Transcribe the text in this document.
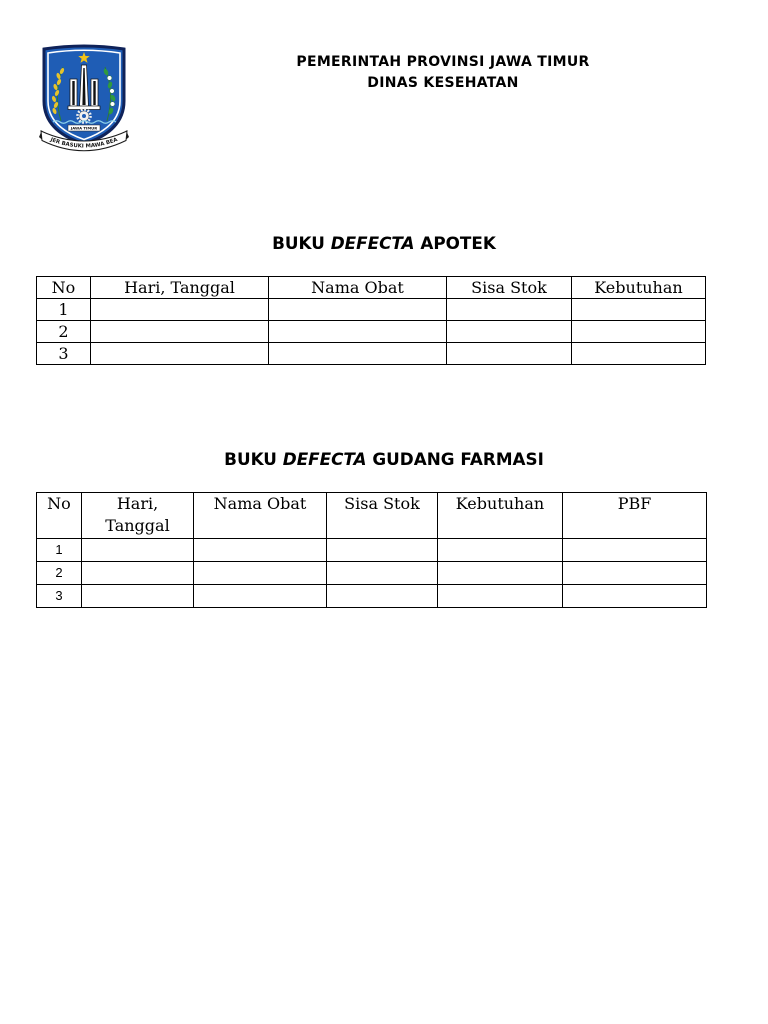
JAWA TIMUR
JER BASUKI MAWA BEA
PEMERINTAH PROVINSI JAWA TIMUR
DINAS KESEHATAN
BUKU DEFECTA APOTEK
No	Hari, Tanggal	Nama Obat	Sisa Stok	Kebutuhan
1				
2				
3				
BUKU DEFECTA GUDANG FARMASI
No	Hari, Tanggal	Nama Obat	Sisa Stok	Kebutuhan	PBF
1					
2					
3					
